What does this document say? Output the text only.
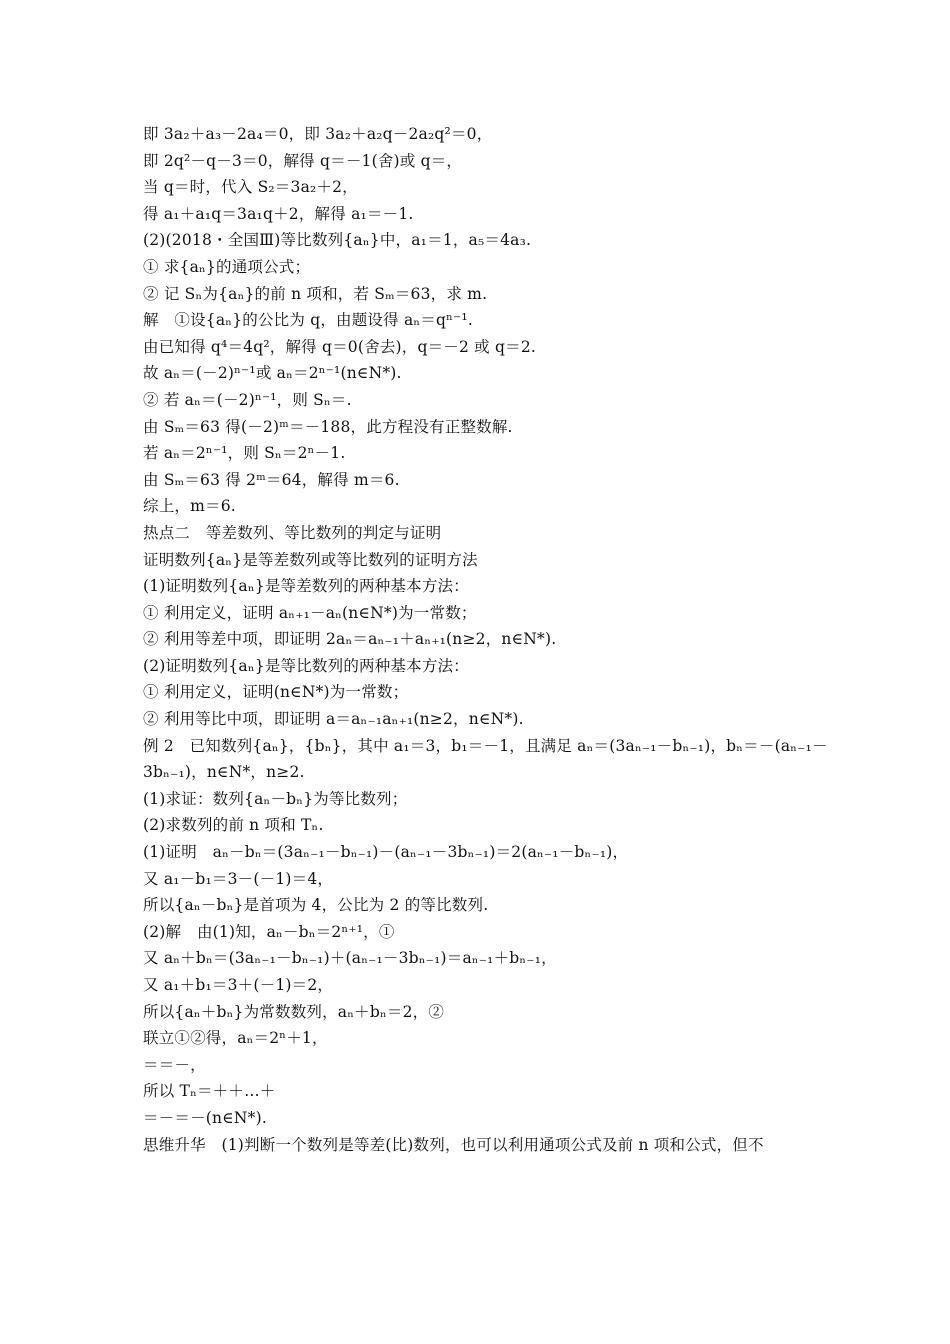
即 3a₂＋a₃－2a₄＝0，即 3a₂＋a₂q－2a₂q²＝0，
即 2q²－q－3＝0，解得 q＝－1(舍)或 q＝，
当 q＝时，代入 S₂＝3a₂＋2，
得 a₁＋a₁q＝3a₁q＋2，解得 a₁＝－1.
(2)(2018・全国Ⅲ)等比数列{aₙ}中，a₁＝1，a₅＝4a₃.
① 求{aₙ}的通项公式；
② 记 Sₙ为{aₙ}的前 n 项和，若 Sₘ＝63，求 m.
解　①设{aₙ}的公比为 q，由题设得 aₙ＝qⁿ⁻¹.
由已知得 q⁴＝4q²，解得 q＝0(舍去)，q＝－2 或 q＝2.
故 aₙ＝(－2)ⁿ⁻¹或 aₙ＝2ⁿ⁻¹(n∈N*).
② 若 aₙ＝(－2)ⁿ⁻¹，则 Sₙ＝.
由 Sₘ＝63 得(－2)ᵐ＝－188，此方程没有正整数解.
若 aₙ＝2ⁿ⁻¹，则 Sₙ＝2ⁿ－1.
由 Sₘ＝63 得 2ᵐ＝64，解得 m＝6.
综上，m＝6.
热点二　等差数列、等比数列的判定与证明
证明数列{aₙ}是等差数列或等比数列的证明方法
(1)证明数列{aₙ}是等差数列的两种基本方法：
① 利用定义，证明 aₙ₊₁－aₙ(n∈N*)为一常数；
② 利用等差中项，即证明 2aₙ＝aₙ₋₁＋aₙ₊₁(n≥2，n∈N*).
(2)证明数列{aₙ}是等比数列的两种基本方法：
① 利用定义，证明(n∈N*)为一常数；
② 利用等比中项，即证明 a＝aₙ₋₁aₙ₊₁(n≥2，n∈N*).
例 2　已知数列{aₙ}，{bₙ}，其中 a₁＝3，b₁＝－1，且满足 aₙ＝(3aₙ₋₁－bₙ₋₁)，bₙ＝－(aₙ₋₁－
3bₙ₋₁)，n∈N*，n≥2.
(1)求证：数列{aₙ－bₙ}为等比数列；
(2)求数列的前 n 项和 Tₙ.
(1)证明　aₙ－bₙ＝(3aₙ₋₁－bₙ₋₁)－(aₙ₋₁－3bₙ₋₁)＝2(aₙ₋₁－bₙ₋₁)，
又 a₁－b₁＝3－(－1)＝4，
所以{aₙ－bₙ}是首项为 4，公比为 2 的等比数列.
(2)解　由(1)知，aₙ－bₙ＝2ⁿ⁺¹，①
又 aₙ＋bₙ＝(3aₙ₋₁－bₙ₋₁)＋(aₙ₋₁－3bₙ₋₁)＝aₙ₋₁＋bₙ₋₁，
又 a₁＋b₁＝3＋(－1)＝2，
所以{aₙ＋bₙ}为常数数列，aₙ＋bₙ＝2，②
联立①②得，aₙ＝2ⁿ＋1，
＝＝－，
所以 Tₙ＝＋＋…＋
＝－＝－(n∈N*).
思维升华　(1)判断一个数列是等差(比)数列，也可以利用通项公式及前 n 项和公式，但不
